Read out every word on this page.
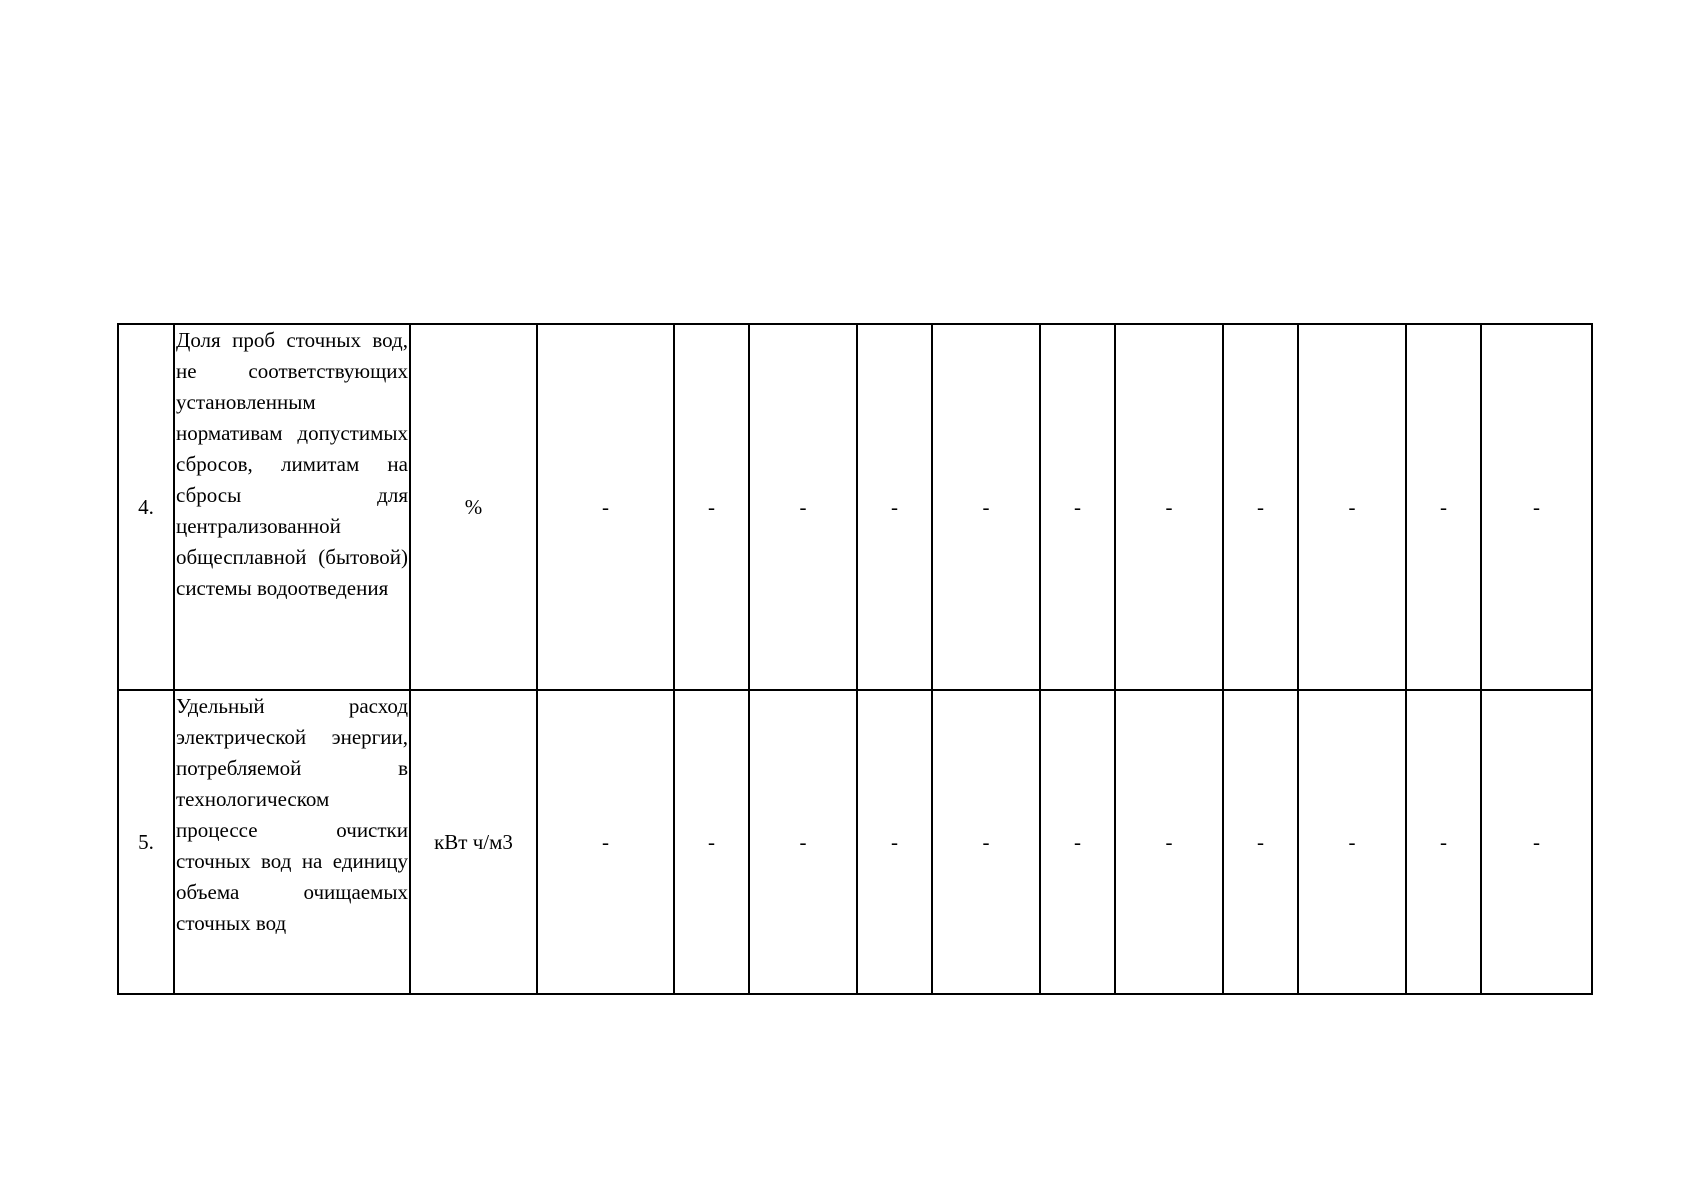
4.	Доля проб сточных вод, не соответствующих установленным нормативам допустимых сбросов, лимитам на сбросы для централизованной общесплавной (бытовой) системы водоотведения	%	-	-	-	-	-	-	-	-	-	-	-
5.	Удельный расход электрической энергии, потребляемой в технологическом процессе очистки сточных вод на единицу объема очищаемых сточных вод	кВт ч/м3	-	-	-	-	-	-	-	-	-	-	-
